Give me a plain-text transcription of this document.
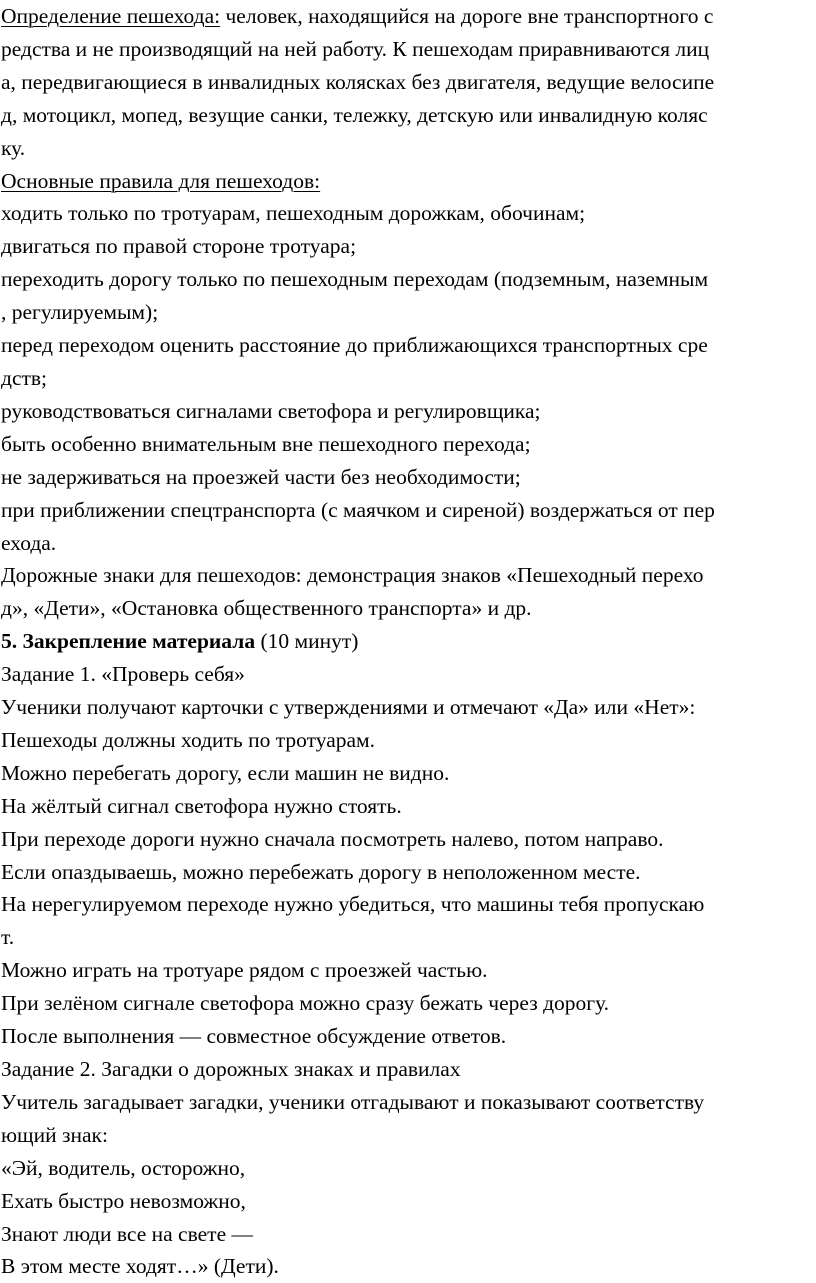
Определение пешехода: человек, находящийся на дороге вне транспортного с

редства и не производящий на ней работу. К пешеходам приравниваются лиц

а, передвигающиеся в инвалидных колясках без двигателя, ведущие велосипе

д, мотоцикл, мопед, везущие санки, тележку, детскую или инвалидную коляс

ку.

Основные правила для пешеходов:

ходить только по тротуарам, пешеходным дорожкам, обочинам;

двигаться по правой стороне тротуара;

переходить дорогу только по пешеходным переходам (подземным, наземным

, регулируемым);

перед переходом оценить расстояние до приближающихся транспортных сре

дств;

руководствоваться сигналами светофора и регулировщика;

быть особенно внимательным вне пешеходного перехода;

не задерживаться на проезжей части без необходимости;

при приближении спецтранспорта (с маячком и сиреной) воздержаться от пер

ехода.

Дорожные знаки для пешеходов: демонстрация знаков «Пешеходный перехо

д», «Дети», «Остановка общественного транспорта» и др.

5. Закрепление материала (10 минут)

Задание 1. «Проверь себя»

Ученики получают карточки с утверждениями и отмечают «Да» или «Нет»:

Пешеходы должны ходить по тротуарам.

Можно перебегать дорогу, если машин не видно.

На жёлтый сигнал светофора нужно стоять.

При переходе дороги нужно сначала посмотреть налево, потом направо.

Если опаздываешь, можно перебежать дорогу в неположенном месте.

На нерегулируемом переходе нужно убедиться, что машины тебя пропускаю

т.

Можно играть на тротуаре рядом с проезжей частью.

При зелёном сигнале светофора можно сразу бежать через дорогу.

После выполнения — совместное обсуждение ответов.

Задание 2. Загадки о дорожных знаках и правилах

Учитель загадывает загадки, ученики отгадывают и показывают соответству

ющий знак:

«Эй, водитель, осторожно,

Ехать быстро невозможно,

Знают люди все на свете —

В этом месте ходят…» (Дети).
